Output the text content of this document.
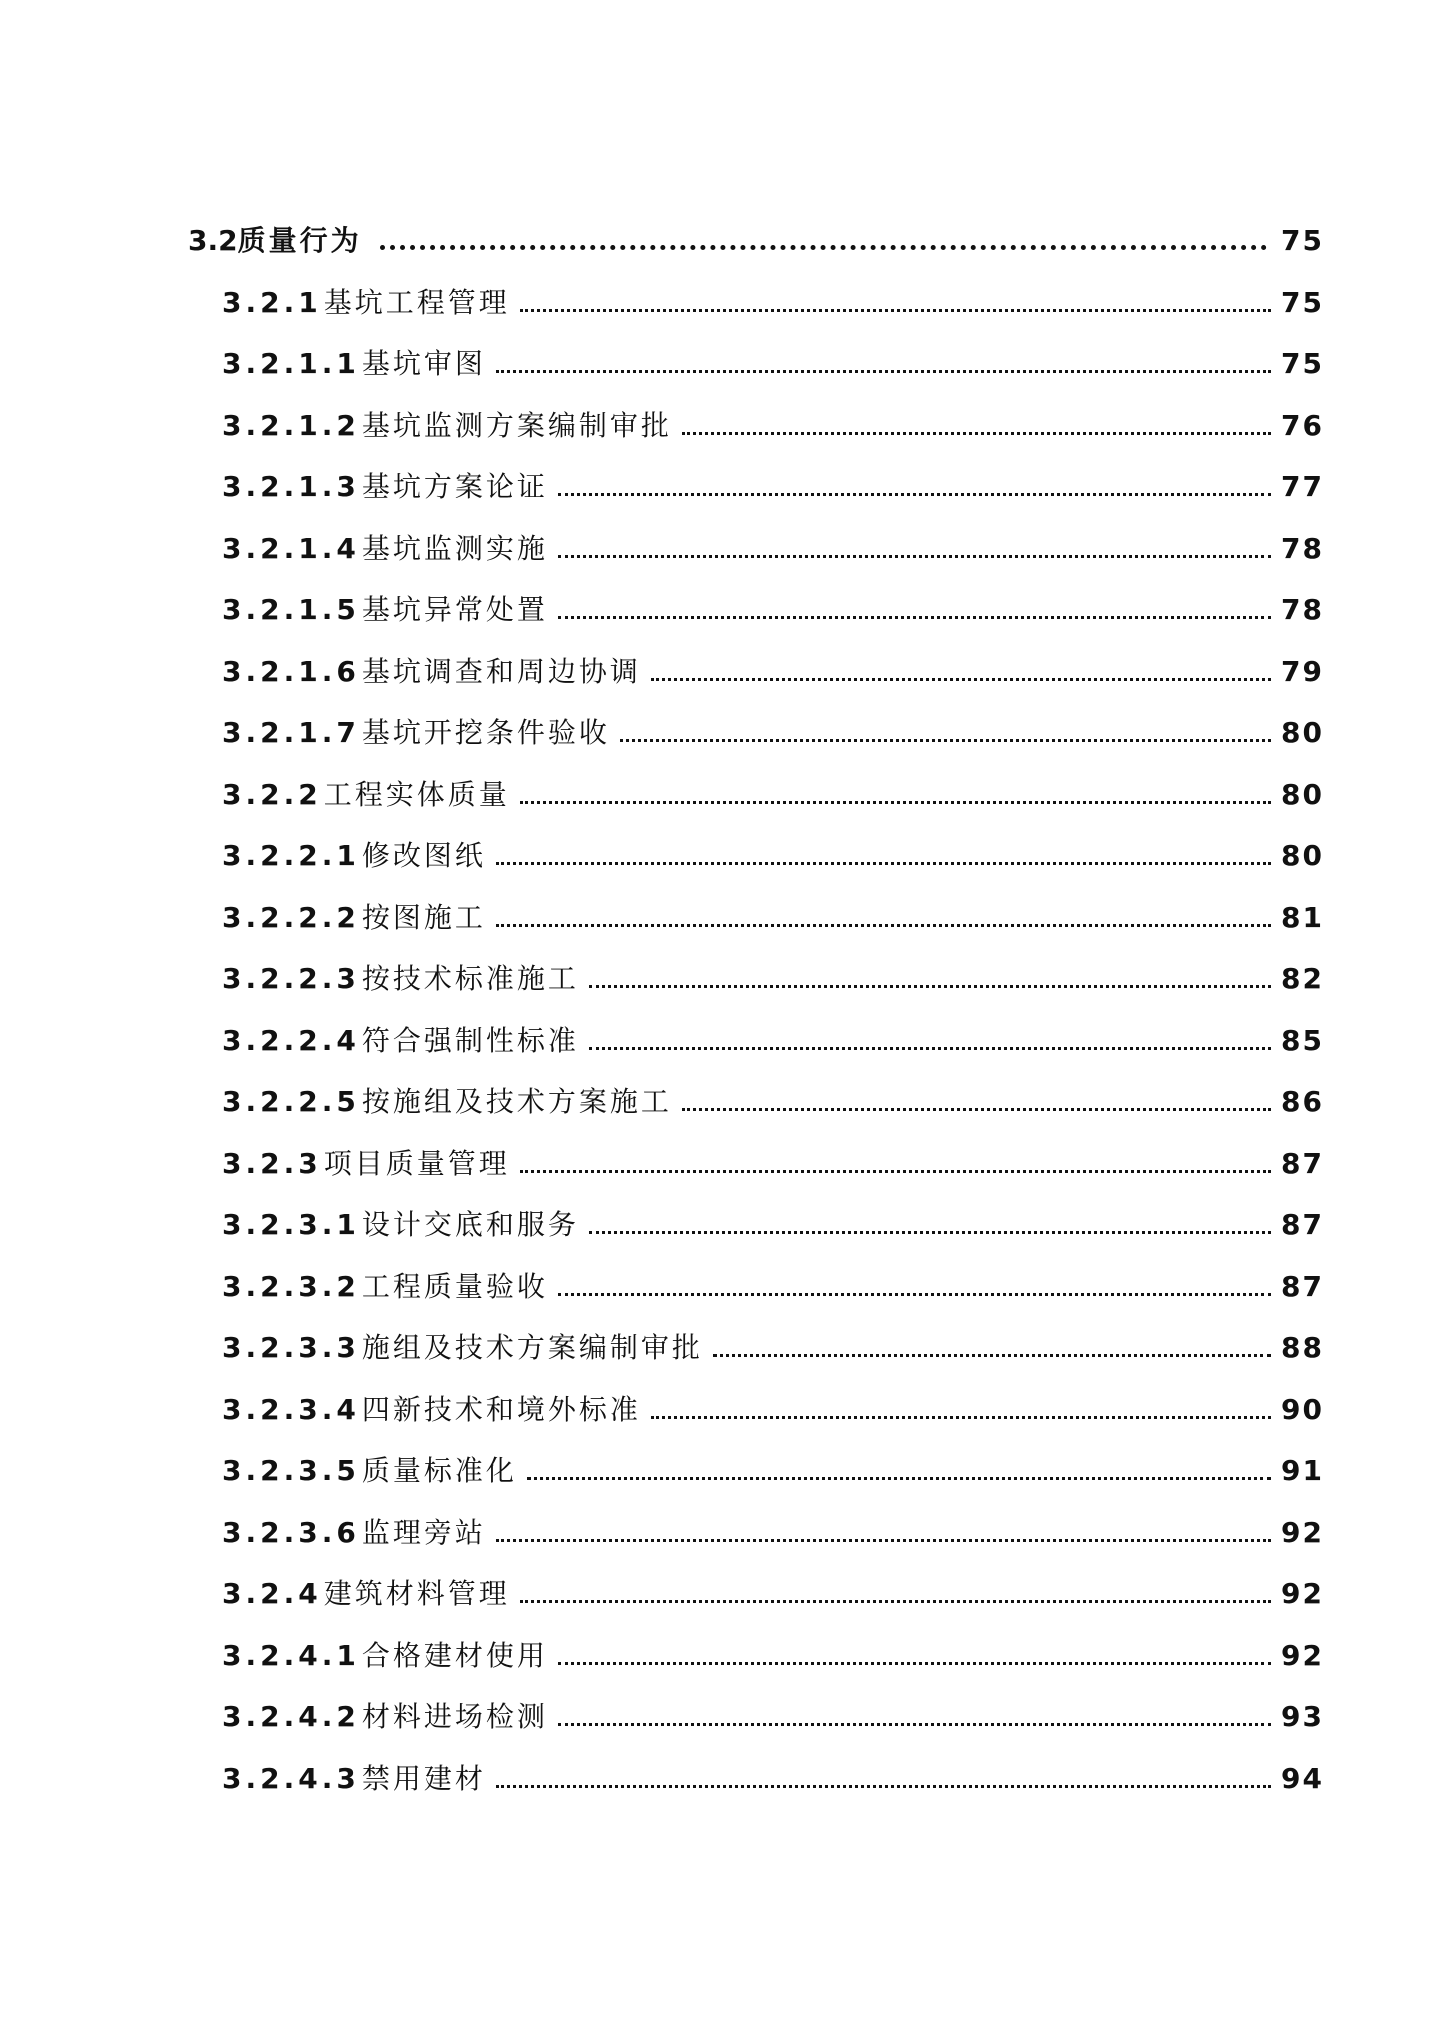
3.2 质量行为	75
3.2.1 基坑工程管理	75
3.2.1.1 基坑审图	75
3.2.1.2 基坑监测方案编制审批	76
3.2.1.3 基坑方案论证	77
3.2.1.4 基坑监测实施	78
3.2.1.5 基坑异常处置	78
3.2.1.6 基坑调查和周边协调	79
3.2.1.7 基坑开挖条件验收	80
3.2.2 工程实体质量	80
3.2.2.1 修改图纸	80
3.2.2.2 按图施工	81
3.2.2.3 按技术标准施工	82
3.2.2.4 符合强制性标准	85
3.2.2.5 按施组及技术方案施工	86
3.2.3 项目质量管理	87
3.2.3.1 设计交底和服务	87
3.2.3.2 工程质量验收	87
3.2.3.3 施组及技术方案编制审批	88
3.2.3.4 四新技术和境外标准	90
3.2.3.5 质量标准化	91
3.2.3.6 监理旁站	92
3.2.4 建筑材料管理	92
3.2.4.1 合格建材使用	92
3.2.4.2 材料进场检测	93
3.2.4.3 禁用建材	94
